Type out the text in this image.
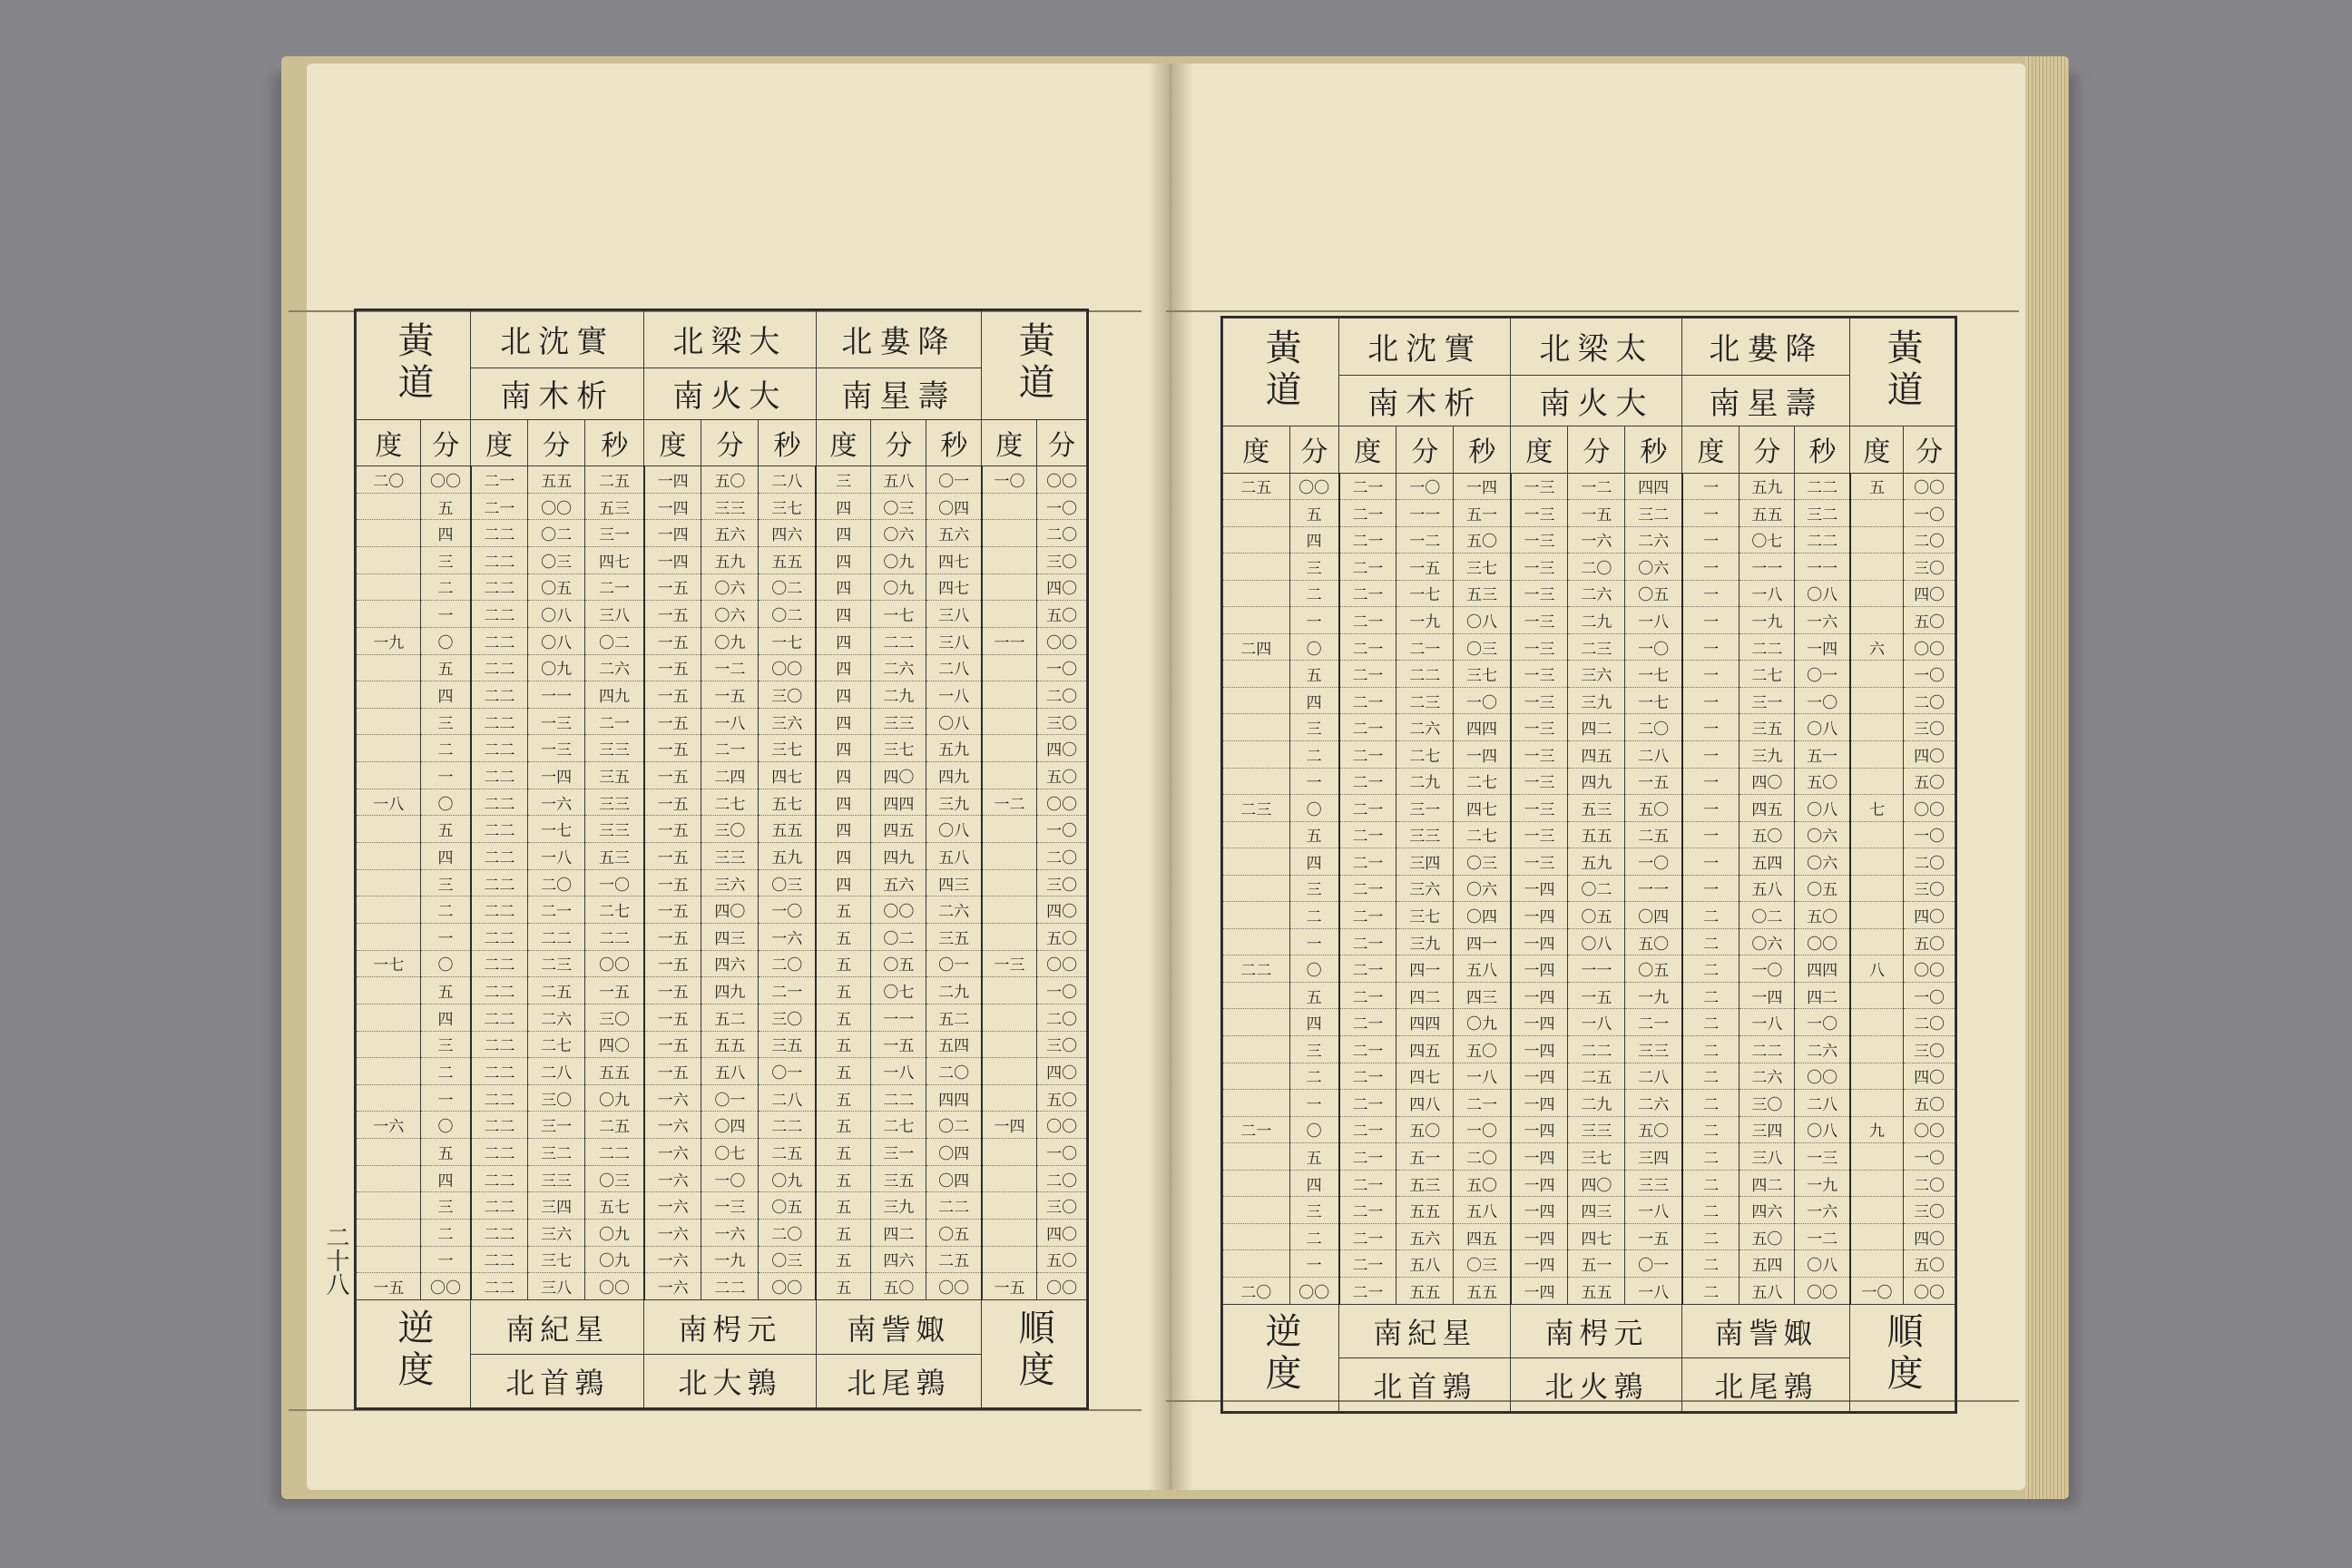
黃道		北沈實			北梁大			北婁降			黃道	
		南木析			南火大			南星壽				
度	分	度	分	秒	度	分	秒	度	分	秒	度	分
二〇	〇〇	二一	五五	二五	一四	五〇	二八	三	五八	〇一	一〇	〇〇
	五	二一	〇〇	五三	一四	三三	三七	四	〇三	〇四		一〇
	四	二二	〇二	三一	一四	五六	四六	四	〇六	五六		二〇
	三	二二	〇三	四七	一四	五九	五五	四	〇九	四七		三〇
	二	二二	〇五	二一	一五	〇六	〇二	四	〇九	四七		四〇
	一	二二	〇八	三八	一五	〇六	〇二	四	一七	三八		五〇
一九	〇	二二	〇八	〇二	一五	〇九	一七	四	二二	三八	一一	〇〇
	五	二二	〇九	二六	一五	一二	〇〇	四	二六	二八		一〇
	四	二二	一一	四九	一五	一五	三〇	四	二九	一八		二〇
	三	二二	一三	二一	一五	一八	三六	四	三三	〇八		三〇
	二	二二	一三	三三	一五	二一	三七	四	三七	五九		四〇
	一	二二	一四	三五	一五	二四	四七	四	四〇	四九		五〇
一八	〇	二二	一六	三三	一五	二七	五七	四	四四	三九	一二	〇〇
	五	二二	一七	三三	一五	三〇	五五	四	四五	〇八		一〇
	四	二二	一八	五三	一五	三三	五九	四	四九	五八		二〇
	三	二二	二〇	一〇	一五	三六	〇三	四	五六	四三		三〇
	二	二二	二一	二七	一五	四〇	一〇	五	〇〇	二六		四〇
	一	二二	二二	二二	一五	四三	一六	五	〇二	三五		五〇
一七	〇	二二	二三	〇〇	一五	四六	二〇	五	〇五	〇一	一三	〇〇
	五	二二	二五	一五	一五	四九	二一	五	〇七	二九		一〇
	四	二二	二六	三〇	一五	五二	三〇	五	一一	五二		二〇
	三	二二	二七	四〇	一五	五五	三五	五	一五	五四		三〇
	二	二二	二八	五五	一五	五八	〇一	五	一八	二〇		四〇
	一	二二	三〇	〇九	一六	〇一	二八	五	二二	四四		五〇
一六	〇	二二	三一	二五	一六	〇四	二二	五	二七	〇二	一四	〇〇
	五	二二	三二	二二	一六	〇七	二五	五	三一	〇四		一〇
	四	二二	三三	〇三	一六	一〇	〇九	五	三五	〇四		二〇
	三	二二	三四	五七	一六	一三	〇五	五	三九	二二		三〇
	二	二二	三六	〇九	一六	一六	二〇	五	四二	〇五		四〇
	一	二二	三七	〇九	一六	一九	〇三	五	四六	二五		五〇
一五	〇〇	二二	三八	〇〇	一六	二二	〇〇	五	五〇	〇〇	一五	〇〇
逆度		南紀星			南枵元			南訾娵			順度	
		北首鶉			北大鶉			北尾鶉				
二十八
黃道		北沈實			北梁太			北婁降			黃道	
		南木析			南火大			南星壽				
度	分	度	分	秒	度	分	秒	度	分	秒	度	分
二五	〇〇	二一	一〇	一四	一三	一二	四四	一	五九	二二	五	〇〇
	五	二一	一一	五一	一三	一五	三二	一	五五	三二		一〇
	四	二一	一二	五〇	一三	一六	二六	一	〇七	二二		二〇
	三	二一	一五	三七	一三	二〇	〇六	一	一一	一一		三〇
	二	二一	一七	五三	一三	二六	〇五	一	一八	〇八		四〇
	一	二一	一九	〇八	一三	二九	一八	一	一九	一六		五〇
二四	〇	二一	二一	〇三	一三	二三	一〇	一	二二	一四	六	〇〇
	五	二一	二二	三七	一三	三六	一七	一	二七	〇一		一〇
	四	二一	二三	一〇	一三	三九	一七	一	三一	一〇		二〇
	三	二一	二六	四四	一三	四二	二〇	一	三五	〇八		三〇
	二	二一	二七	一四	一三	四五	二八	一	三九	五一		四〇
	一	二一	二九	二七	一三	四九	一五	一	四〇	五〇		五〇
二三	〇	二一	三一	四七	一三	五三	五〇	一	四五	〇八	七	〇〇
	五	二一	三三	二七	一三	五五	二五	一	五〇	〇六		一〇
	四	二一	三四	〇三	一三	五九	一〇	一	五四	〇六		二〇
	三	二一	三六	〇六	一四	〇二	一一	一	五八	〇五		三〇
	二	二一	三七	〇四	一四	〇五	〇四	二	〇二	五〇		四〇
	一	二一	三九	四一	一四	〇八	五〇	二	〇六	〇〇		五〇
二二	〇	二一	四一	五八	一四	一一	〇五	二	一〇	四四	八	〇〇
	五	二一	四二	四三	一四	一五	一九	二	一四	四二		一〇
	四	二一	四四	〇九	一四	一八	二一	二	一八	一〇		二〇
	三	二一	四五	五〇	一四	二二	三三	二	二二	二六		三〇
	二	二一	四七	一八	一四	二五	二八	二	二六	〇〇		四〇
	一	二一	四八	二一	一四	二九	二六	二	三〇	二八		五〇
二一	〇	二一	五〇	一〇	一四	三三	五〇	二	三四	〇八	九	〇〇
	五	二一	五一	二〇	一四	三七	三四	二	三八	一三		一〇
	四	二一	五三	五〇	一四	四〇	三三	二	四二	一九		二〇
	三	二一	五五	五八	一四	四三	一八	二	四六	一六		三〇
	二	二一	五六	四五	一四	四七	一五	二	五〇	一二		四〇
	一	二一	五八	〇三	一四	五一	〇一	二	五四	〇八		五〇
二〇	〇〇	二一	五五	五五	一四	五五	一八	二	五八	〇〇	一〇	〇〇
逆度		南紀星			南枵元			南訾娵			順度	
		北首鶉			北火鶉			北尾鶉				
